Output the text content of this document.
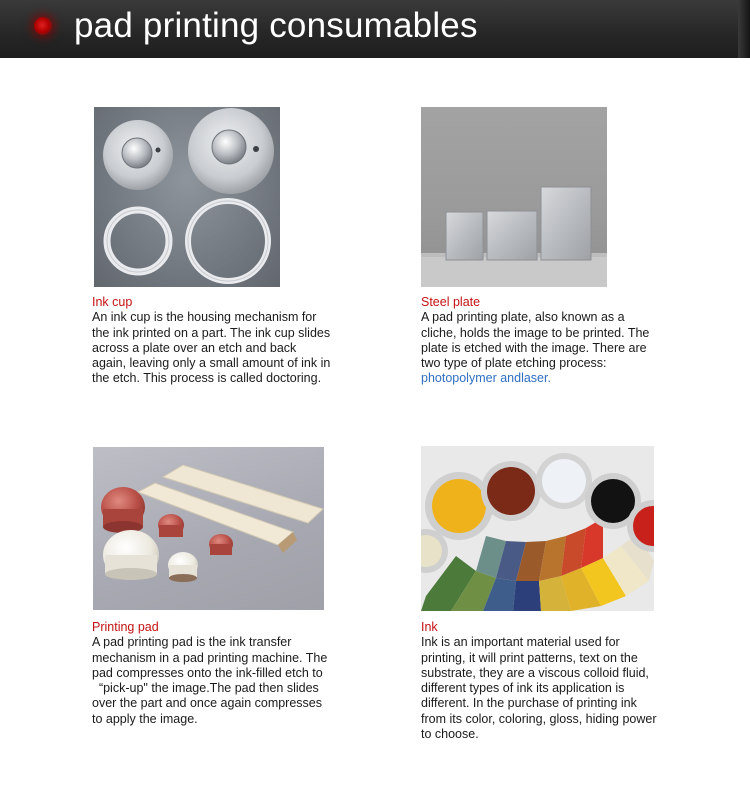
pad printing consumables
Ink cup
An ink cup is the housing mechanism for the ink printed on a part. The ink cup slides across a plate over an etch and back again, leaving only a small amount of ink in the etch. This process is called doctoring.
Steel plate
A pad printing plate, also known as a cliche, holds the image to be printed. The plate is etched with the image. There are two type of plate etching process: photopolymer andlaser.
Printing pad
A pad printing pad is the ink transfer mechanism in a pad printing machine. The pad compresses onto the ink-filled etch to   “pick-up" the image.The pad then slides over the part and once again compresses to apply the image.
Ink
Ink is an important material used for printing, it will print patterns, text on the substrate, they are a viscous colloid fluid, different types of ink its application is different. In the purchase of printing ink from its color, coloring, gloss, hiding power to choose.
